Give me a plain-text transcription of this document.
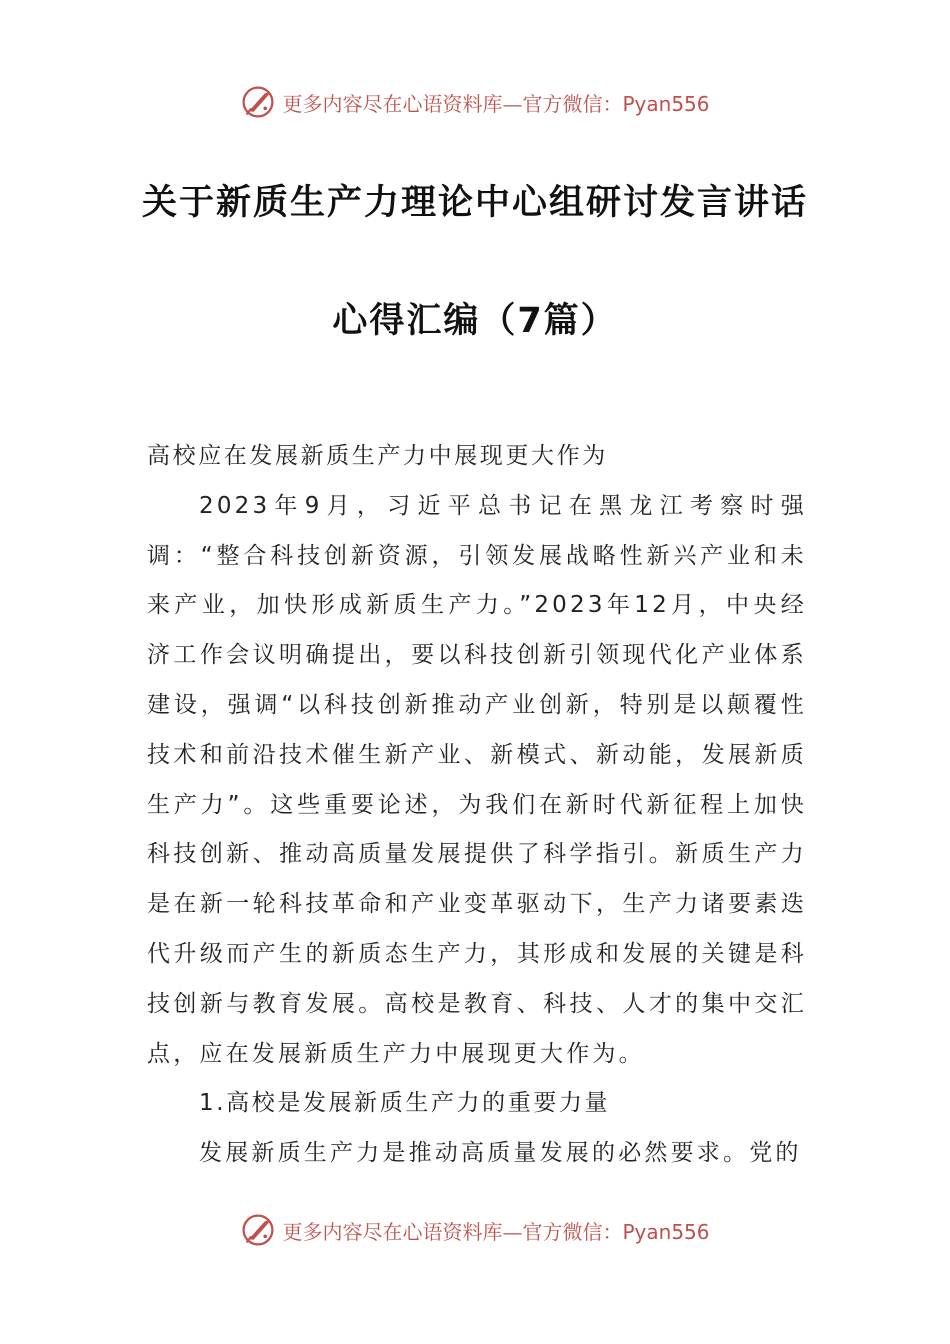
更多内容尽在心语资料库—官方微信：Pyan556
关于新质生产力理论中心组研讨发言讲话
心得汇编（7篇）

高校应在发展新质生产力中展现更大作为

2023年9月，习近平总书记在黑龙江考察时强调：“整合科技创新资源，引领发展战略性新兴产业和未来产业，加快形成新质生产力。”2023年12月，中央经济工作会议明确提出，要以科技创新引领现代化产业体系建设，强调“以科技创新推动产业创新，特别是以颠覆性技术和前沿技术催生新产业、新模式、新动能，发展新质生产力”。这些重要论述，为我们在新时代新征程上加快科技创新、推动高质量发展提供了科学指引。新质生产力是在新一轮科技革命和产业变革驱动下，生产力诸要素迭代升级而产生的新质态生产力，其形成和发展的关键是科技创新与教育发展。高校是教育、科技、人才的集中交汇点，应在发展新质生产力中展现更大作为。

1.高校是发展新质生产力的重要力量

发展新质生产力是推动高质量发展的必然要求。党的

更多内容尽在心语资料库—官方微信：Pyan556
